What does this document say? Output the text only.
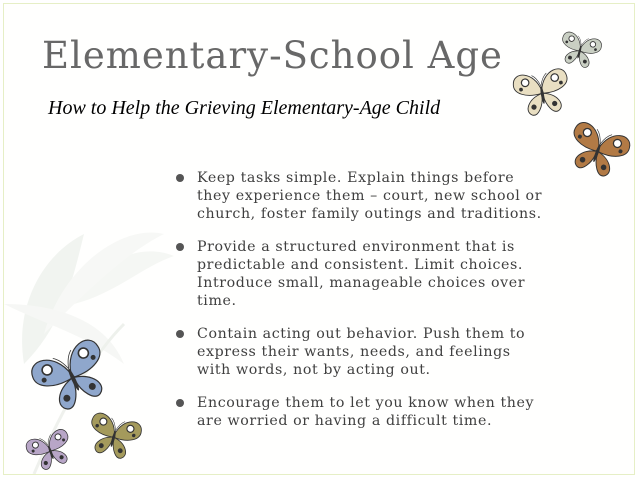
Elementary-School Age
How to Help the Grieving Elementary-Age Child
Keep tasks simple. Explain things before they experience them – court, new school or church, foster family outings and traditions.
Provide a structured environment that is predictable and consistent. Limit choices. Introduce small, manageable choices over time.
Contain acting out behavior. Push them to express their wants, needs, and feelings with words, not by acting out.
Encourage them to let you know when they are worried or having a difficult time.
